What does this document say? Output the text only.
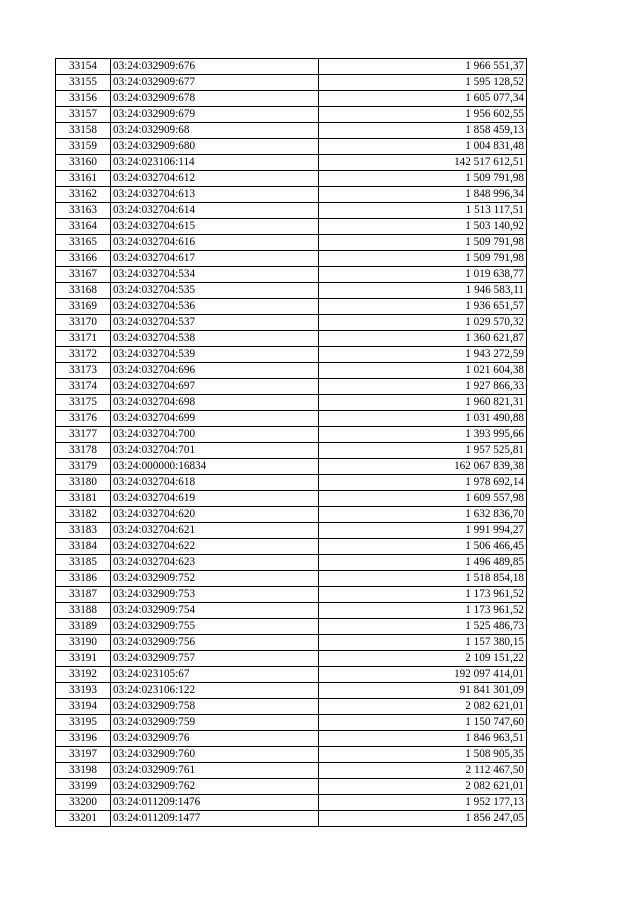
33154	03:24:032909:676	1 966 551,37
33155	03:24:032909:677	1 595 128,52
33156	03:24:032909:678	1 605 077,34
33157	03:24:032909:679	1 956 602,55
33158	03:24:032909:68	1 858 459,13
33159	03:24:032909:680	1 004 831,48
33160	03:24:023106:114	142 517 612,51
33161	03:24:032704:612	1 509 791,98
33162	03:24:032704:613	1 848 996,34
33163	03:24:032704:614	1 513 117,51
33164	03:24:032704:615	1 503 140,92
33165	03:24:032704:616	1 509 791,98
33166	03:24:032704:617	1 509 791,98
33167	03:24:032704:534	1 019 638,77
33168	03:24:032704:535	1 946 583,11
33169	03:24:032704:536	1 936 651,57
33170	03:24:032704:537	1 029 570,32
33171	03:24:032704:538	1 360 621,87
33172	03:24:032704:539	1 943 272,59
33173	03:24:032704:696	1 021 604,38
33174	03:24:032704:697	1 927 866,33
33175	03:24:032704:698	1 960 821,31
33176	03:24:032704:699	1 031 490,88
33177	03:24:032704:700	1 393 995,66
33178	03:24:032704:701	1 957 525,81
33179	03:24:000000:16834	162 067 839,38
33180	03:24:032704:618	1 978 692,14
33181	03:24:032704:619	1 609 557,98
33182	03:24:032704:620	1 632 836,70
33183	03:24:032704:621	1 991 994,27
33184	03:24:032704:622	1 506 466,45
33185	03:24:032704:623	1 496 489,85
33186	03:24:032909:752	1 518 854,18
33187	03:24:032909:753	1 173 961,52
33188	03:24:032909:754	1 173 961,52
33189	03:24:032909:755	1 525 486,73
33190	03:24:032909:756	1 157 380,15
33191	03:24:032909:757	2 109 151,22
33192	03:24:023105:67	192 097 414,01
33193	03:24:023106:122	91 841 301,09
33194	03:24:032909:758	2 082 621,01
33195	03:24:032909:759	1 150 747,60
33196	03:24:032909:76	1 846 963,51
33197	03:24:032909:760	1 508 905,35
33198	03:24:032909:761	2 112 467,50
33199	03:24:032909:762	2 082 621,01
33200	03:24:011209:1476	1 952 177,13
33201	03:24:011209:1477	1 856 247,05
